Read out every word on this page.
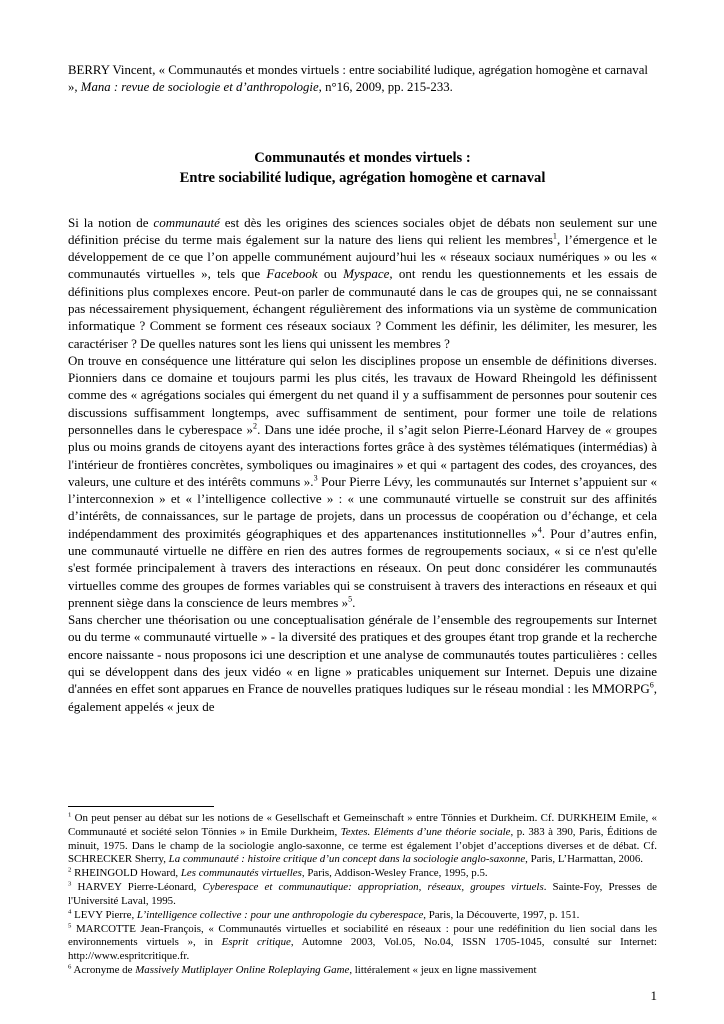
BERRY Vincent, « Communautés et mondes virtuels : entre sociabilité ludique, agrégation homogène et carnaval », Mana : revue de sociologie et d’anthropologie, n°16, 2009, pp. 215-233.

Communautés et mondes virtuels :
Entre sociabilité ludique, agrégation homogène et carnaval

Si la notion de communauté est dès les origines des sciences sociales objet de débats non seulement sur une définition précise du terme mais également sur la nature des liens qui relient les membres$^1$, l’émergence et le développement de ce que l’on appelle communément aujourd’hui les « réseaux sociaux numériques » ou les « communautés virtuelles », tels que Facebook ou Myspace, ont rendu les questionnements et les essais de définitions plus complexes encore. Peut-on parler de communauté dans le cas de groupes qui, ne se connaissant pas nécessairement physiquement, échangent régulièrement des informations via un système de communication informatique ? Comment se forment ces réseaux sociaux ? Comment les définir, les délimiter, les mesurer, les caractériser ? De quelles natures sont les liens qui unissent les membres ?

On trouve en conséquence une littérature qui selon les disciplines propose un ensemble de définitions diverses. Pionniers dans ce domaine et toujours parmi les plus cités, les travaux de Howard Rheingold les définissent comme des « agrégations sociales qui émergent du net quand il y a suffisamment de personnes pour soutenir ces discussions suffisamment longtemps, avec suffisamment de sentiment, pour former une toile de relations personnelles dans le cyberespace »$^2$. Dans une idée proche, il s’agit selon Pierre-Léonard Harvey de « groupes plus ou moins grands de citoyens ayant des interactions fortes grâce à des systèmes télématiques (intermédias) à l'intérieur de frontières concrètes, symboliques ou imaginaires » et qui « partagent des codes, des croyances, des valeurs, une culture et des intérêts communs ».$^3$ Pour Pierre Lévy, les communautés sur Internet s’appuient sur « l’interconnexion » et « l’intelligence collective » : « une communauté virtuelle se construit sur des affinités d’intérêts, de connaissances, sur le partage de projets, dans un processus de coopération ou d’échange, et cela indépendamment des proximités géographiques et des appartenances institutionnelles »$^4$. Pour d’autres enfin, une communauté virtuelle ne diffère en rien des autres formes de regroupements sociaux, « si ce n'est qu'elle s'est formée principalement à travers des interactions en réseaux. On peut donc considérer les communautés virtuelles comme des groupes de formes variables qui se construisent à travers des interactions en réseaux et qui prennent siège dans la conscience de leurs membres »$^5$.

Sans chercher une théorisation ou une conceptualisation générale de l’ensemble des regroupements sur Internet ou du terme « communauté virtuelle » - la diversité des pratiques et des groupes étant trop grande et la recherche encore naissante - nous proposons ici une description et une analyse de communautés toutes particulières : celles qui se développent dans des jeux vidéo « en ligne » praticables uniquement sur Internet. Depuis une dizaine d'années en effet sont apparues en France de nouvelles pratiques ludiques sur le réseau mondial : les MMORPG$^6$, également appelés « jeux de

$^1$ On peut penser au débat sur les notions de « Gesellschaft et Gemeinschaft » entre Tönnies et Durkheim. Cf. DURKHEIM Emile, « Communauté et société selon Tönnies » in Emile Durkheim, Textes. Eléments d’une théorie sociale, p. 383 à 390, Paris, Éditions de minuit, 1975. Dans le champ de la sociologie anglo-saxonne, ce terme est également l’objet d’acceptions diverses et de débat. Cf. SCHRECKER Sherry, La communauté : histoire critique d’un concept dans la sociologie anglo-saxonne, Paris, L’Harmattan, 2006.

$^2$ RHEINGOLD Howard, Les communautés virtuelles, Paris, Addison-Wesley France, 1995, p.5.

$^3$ HARVEY Pierre-Léonard, Cyberespace et communautique: appropriation, réseaux, groupes virtuels. Sainte-Foy, Presses de l'Université Laval, 1995.

$^4$ LEVY Pierre, L’intelligence collective : pour une anthropologie du cyberespace, Paris, la Découverte, 1997, p. 151.

$^5$ MARCOTTE Jean-François, « Communautés virtuelles et sociabilité en réseaux : pour une redéfinition du lien social dans les environnements virtuels », in Esprit critique, Automne 2003, Vol.05, No.04, ISSN 1705-1045, consulté sur Internet: http://www.espritcritique.fr.

$^6$ Acronyme de Massively Mutliplayer Online Roleplaying Game, littéralement « jeux en ligne massivement

1
